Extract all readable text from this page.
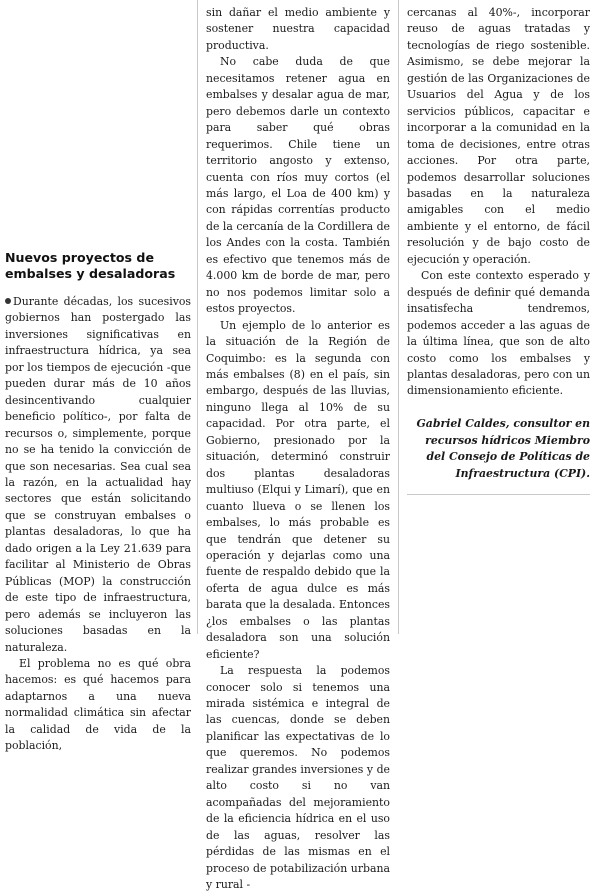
Nuevos proyectos de embalses y desaladoras

Durante décadas, los sucesivos gobiernos han postergado las inversiones significativas en infraestructura hídrica, ya sea por los tiempos de ejecución -que pueden durar más de 10 años desincentivando cualquier beneficio político-, por falta de recursos o, simplemente, porque no se ha tenido la convicción de que son necesarias. Sea cual sea la razón, en la actualidad hay sectores que están solicitando que se construyan embalses o plantas desaladoras, lo que ha dado origen a la Ley 21.639 para facilitar al Ministerio de Obras Públicas (MOP) la construcción de este tipo de infraestructura, pero además se incluyeron las soluciones basadas en la naturaleza.

El problema no es qué obra hacemos: es qué hacemos para adaptarnos a una nueva normalidad climática sin afectar la calidad de vida de la población,

sin dañar el medio ambiente y sostener nuestra capacidad productiva.

No cabe duda de que necesitamos retener agua en embalses y desalar agua de mar, pero debemos darle un contexto para saber qué obras requerimos. Chile tiene un territorio angosto y extenso, cuenta con ríos muy cortos (el más largo, el Loa de 400 km) y con rápidas correntías producto de la cercanía de la Cordillera de los Andes con la costa. También es efectivo que tenemos más de 4.000 km de borde de mar, pero no nos podemos limitar solo a estos proyectos.

Un ejemplo de lo anterior es la situación de la Región de Coquimbo: es la segunda con más embalses (8) en el país, sin embargo, después de las lluvias, ninguno llega al 10% de su capacidad. Por otra parte, el Gobierno, presionado por la situación, determinó construir dos plantas desaladoras multiuso (Elqui y Limarí), que en cuanto llueva o se llenen los embalses, lo más probable es que tendrán que detener su operación y dejarlas como una fuente de respaldo debido que la oferta de agua dulce es más barata que la desalada. Entonces ¿los embalses o las plantas desaladora son una solución eficiente?

La respuesta la podemos conocer solo si tenemos una mirada sistémica e integral de las cuencas, donde se deben planificar las expectativas de lo que queremos. No podemos realizar grandes inversiones y de alto costo si no van acompañadas del mejoramiento de la eficiencia hídrica en el uso de las aguas, resolver las pérdidas de las mismas en el proceso de potabilización urbana y rural -

cercanas al 40%-, incorporar reuso de aguas tratadas y tecnologías de riego sostenible. Asimismo, se debe mejorar la gestión de las Organizaciones de Usuarios del Agua y de los servicios públicos, capacitar e incorporar a la comunidad en la toma de decisiones, entre otras acciones. Por otra parte, podemos desarrollar soluciones basadas en la naturaleza amigables con el medio ambiente y el entorno, de fácil resolución y de bajo costo de ejecución y operación.

Con este contexto esperado y después de definir qué demanda insatisfecha tendremos, podemos acceder a las aguas de la última línea, que son de alto costo como los embalses y plantas desaladoras, pero con un dimensionamiento eficiente.

Gabriel Caldes, consultor en recursos hídricos Miembro del Consejo de Políticas de Infraestructura (CPI).
